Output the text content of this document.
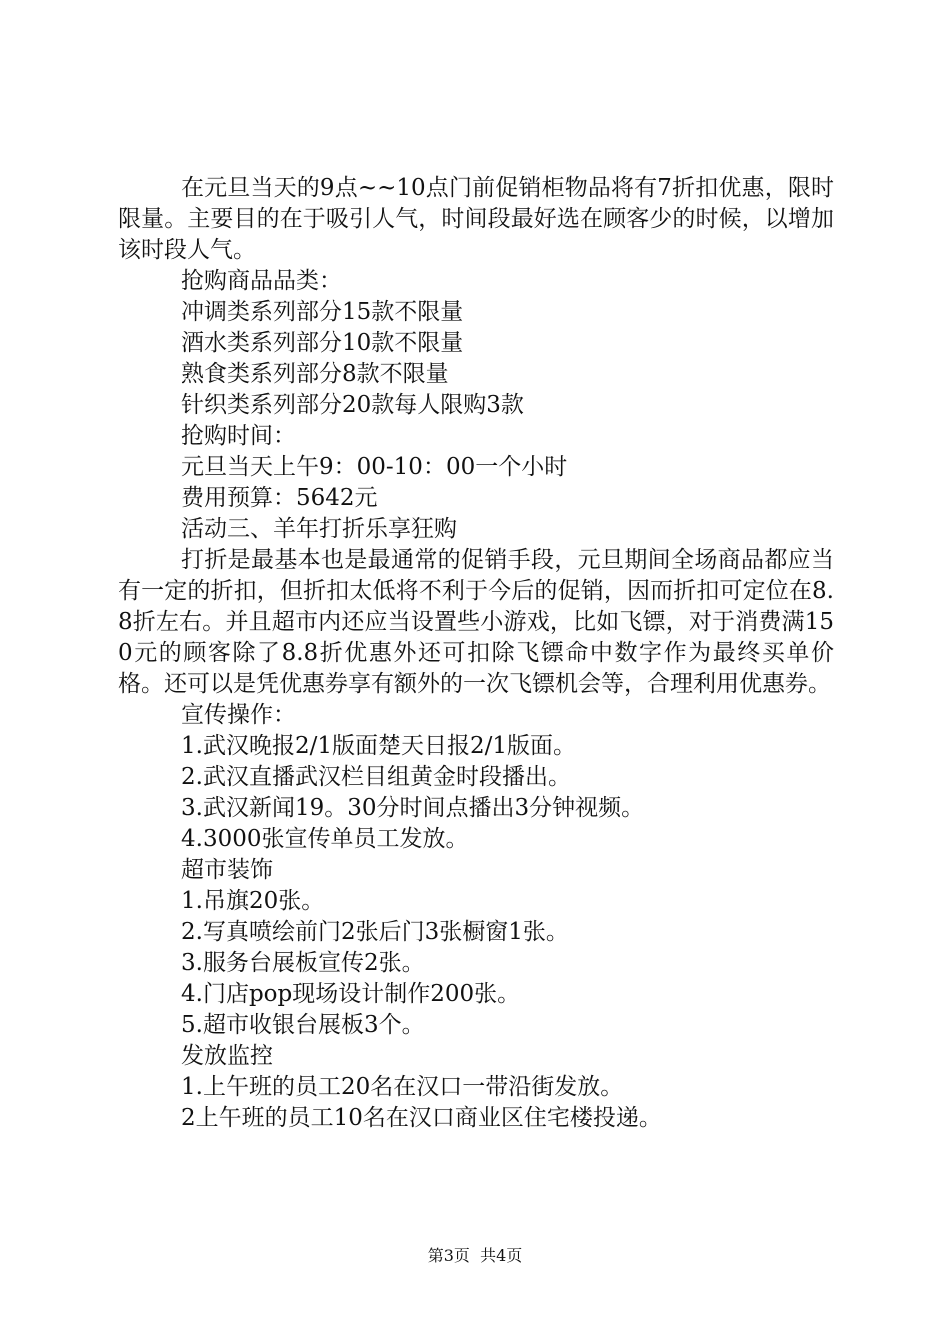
在元旦当天的9点~~10点门前促销柜物品将有7折扣优惠，限时限量。主要目的在于吸引人气，时间段最好选在顾客少的时候，以增加该时段人气。

抢购商品品类：

冲调类系列部分15款不限量

酒水类系列部分10款不限量

熟食类系列部分8款不限量

针织类系列部分20款每人限购3款

抢购时间：

元旦当天上午9：00-10：00一个小时

费用预算：5642元

活动三、羊年打折乐享狂购

打折是最基本也是最通常的促销手段，元旦期间全场商品都应当有一定的折扣，但折扣太低将不利于今后的促销，因而折扣可定位在8.8折左右。并且超市内还应当设置些小游戏，比如飞镖，对于消费满150元的顾客除了8.8折优惠外还可扣除飞镖命中数字作为最终买单价格。还可以是凭优惠券享有额外的一次飞镖机会等，合理利用优惠券。

宣传操作：

1.武汉晚报2/1版面楚天日报2/1版面。

2.武汉直播武汉栏目组黄金时段播出。

3.武汉新闻19。30分时间点播出3分钟视频。

4.3000张宣传单员工发放。

超市装饰

1.吊旗20张。

2.写真喷绘前门2张后门3张橱窗1张。

3.服务台展板宣传2张。

4.门店pop现场设计制作200张。

5.超市收银台展板3个。

发放监控

1.上午班的员工20名在汉口一带沿街发放。

2上午班的员工10名在汉口商业区住宅楼投递。

第3页  共4页
